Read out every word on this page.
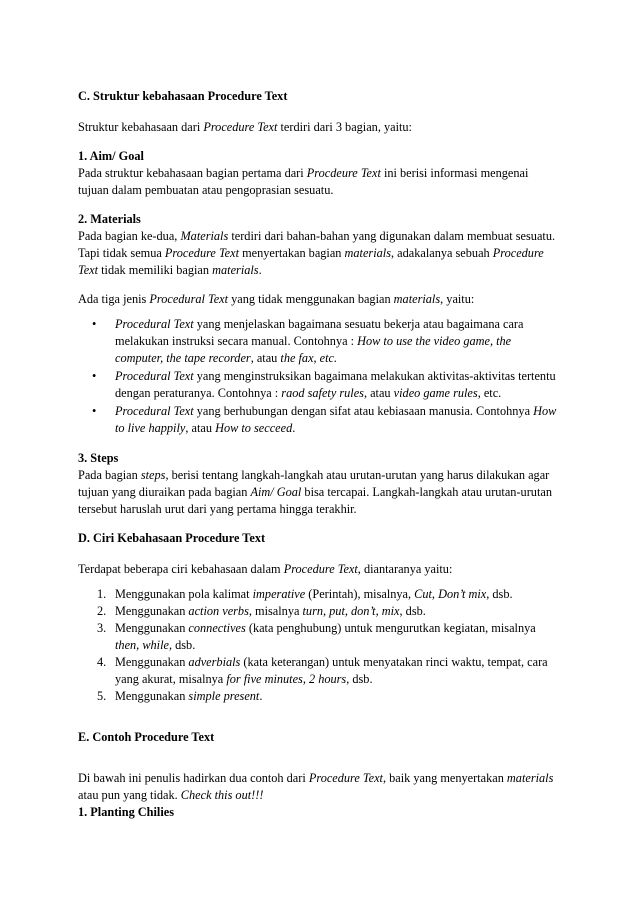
C. Struktur kebahasaan Procedure Text

Struktur kebahasaan dari Procedure Text terdiri dari 3 bagian, yaitu:

1. Aim/ Goal

Pada struktur kebahasaan bagian pertama dari Procdeure Text ini berisi informasi mengenai tujuan dalam pembuatan atau pengoprasian sesuatu.

2. Materials

Pada bagian ke-dua, Materials terdiri dari bahan-bahan yang digunakan dalam membuat sesuatu. Tapi tidak semua Procedure Text menyertakan bagian materials, adakalanya sebuah Procedure Text tidak memiliki bagian materials.

Ada tiga jenis Procedural Text yang tidak menggunakan bagian materials, yaitu:

• Procedural Text yang menjelaskan bagaimana sesuatu bekerja atau bagaimana cara melakukan instruksi secara manual. Contohnya : How to use the video game, the computer, the tape recorder, atau the fax, etc.
• Procedural Text yang menginstruksikan bagaimana melakukan aktivitas-aktivitas tertentu dengan peraturanya. Contohnya : raod safety rules, atau video game rules, etc.
• Procedural Text yang berhubungan dengan sifat atau kebiasaan manusia. Contohnya How to live happily, atau How to secceed.

3. Steps

Pada bagian steps, berisi tentang langkah-langkah atau urutan-urutan yang harus dilakukan agar tujuan yang diuraikan pada bagian Aim/ Goal bisa tercapai. Langkah-langkah atau urutan-urutan tersebut haruslah urut dari yang pertama hingga terakhir.

D. Ciri Kebahasaan Procedure Text

Terdapat beberapa ciri kebahasaan dalam Procedure Text, diantaranya yaitu:

1. Menggunakan pola kalimat imperative (Perintah), misalnya, Cut, Don’t mix, dsb.
2. Menggunakan action verbs, misalnya turn, put, don’t, mix, dsb.
3. Menggunakan connectives (kata penghubung) untuk mengurutkan kegiatan, misalnya then, while, dsb.
4. Menggunakan adverbials (kata keterangan) untuk menyatakan rinci waktu, tempat, cara yang akurat, misalnya for five minutes, 2 hours, dsb.
5. Menggunakan simple present.

E. Contoh Procedure Text

Di bawah ini penulis hadirkan dua contoh dari Procedure Text, baik yang menyertakan materials atau pun yang tidak. Check this out!!!

1. Planting Chilies
